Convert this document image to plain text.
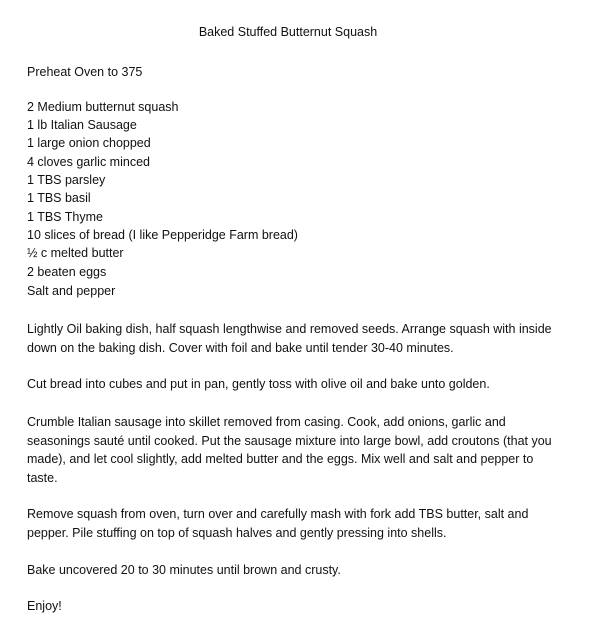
Baked Stuffed Butternut Squash
Preheat Oven to 375
2 Medium butternut squash
1 lb Italian Sausage
1 large onion chopped
4 cloves garlic minced
1 TBS parsley
1 TBS basil
1 TBS Thyme
10 slices of bread (I like Pepperidge Farm bread)
½ c melted butter
2 beaten eggs
Salt and pepper
Lightly Oil baking dish, half squash lengthwise and removed seeds. Arrange squash with inside
down on the baking dish. Cover with foil and bake until tender 30-40 minutes.
Cut bread into cubes and put in pan, gently toss with olive oil and bake unto golden.
Crumble Italian sausage into skillet removed from casing. Cook, add onions, garlic and
seasonings sauté until cooked. Put the sausage mixture into large bowl, add croutons (that you
made), and let cool slightly, add melted butter and the eggs. Mix well and salt and pepper to
taste.
Remove squash from oven, turn over and carefully mash with fork add TBS butter, salt and
pepper. Pile stuffing on top of squash halves and gently pressing into shells.
Bake uncovered 20 to 30 minutes until brown and crusty.
Enjoy!
